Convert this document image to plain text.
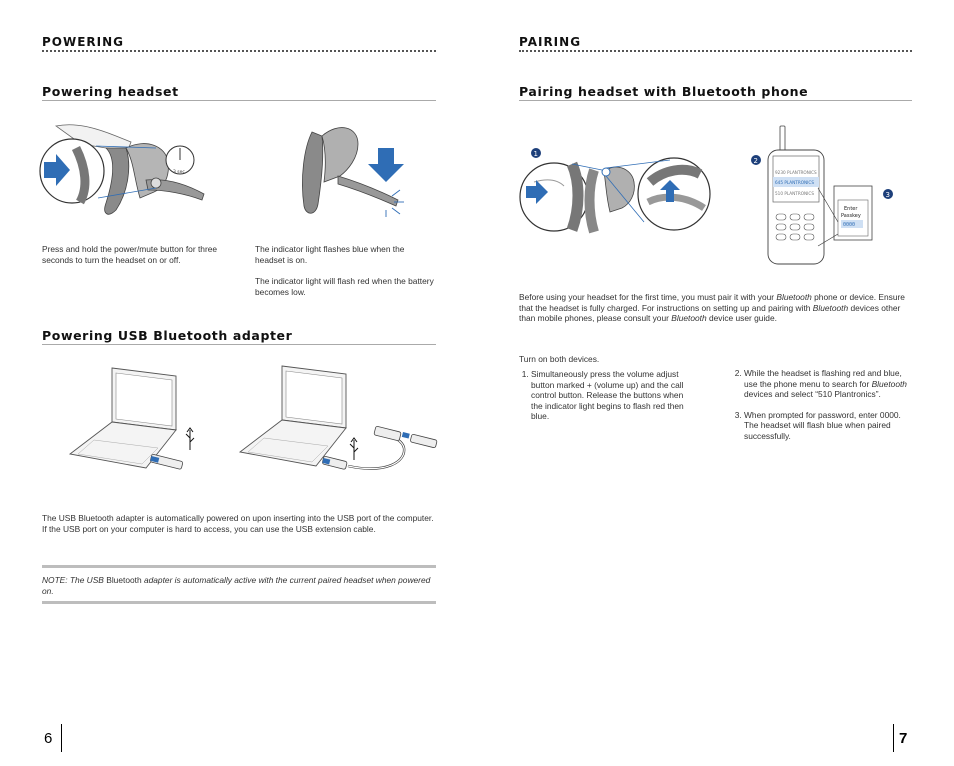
POWERING
Powering headset
3 sec
Press and hold the power/mute button for three seconds to turn the headset on or off.
The indicator light flashes blue when the headset is on.
The indicator light will flash red when the battery becomes low.
Powering USB Bluetooth adapter
The USB Bluetooth adapter is automatically powered on upon inserting into the USB port of the computer. If the USB port on your computer is hard to access, you can use the USB extension cable.
NOTE: The USB Bluetooth adapter is automatically active with the current paired headset when powered on.
6
PAIRING
Pairing headset with Bluetooth phone
1
2
3
9230 PLANTRONICS
645 PLANTRONICS
510 PLANTRONICS
Enter
Passkey
0000
Before using your headset for the first time, you must pair it with your Bluetooth phone or device. Ensure that the headset is fully charged. For instructions on setting up and pairing with Bluetooth devices other than mobile phones, please consult your Bluetooth device user guide.
Turn on both devices.
1. Simultaneously press the volume adjust button marked + (volume up) and the call control button. Release the buttons when the indicator light begins to flash red then blue.
2. While the headset is flashing red and blue, use the phone menu to search for Bluetooth devices and select “510 Plantronics”.
3. When prompted for password, enter 0000. The headset will flash blue when paired successfully.
7
